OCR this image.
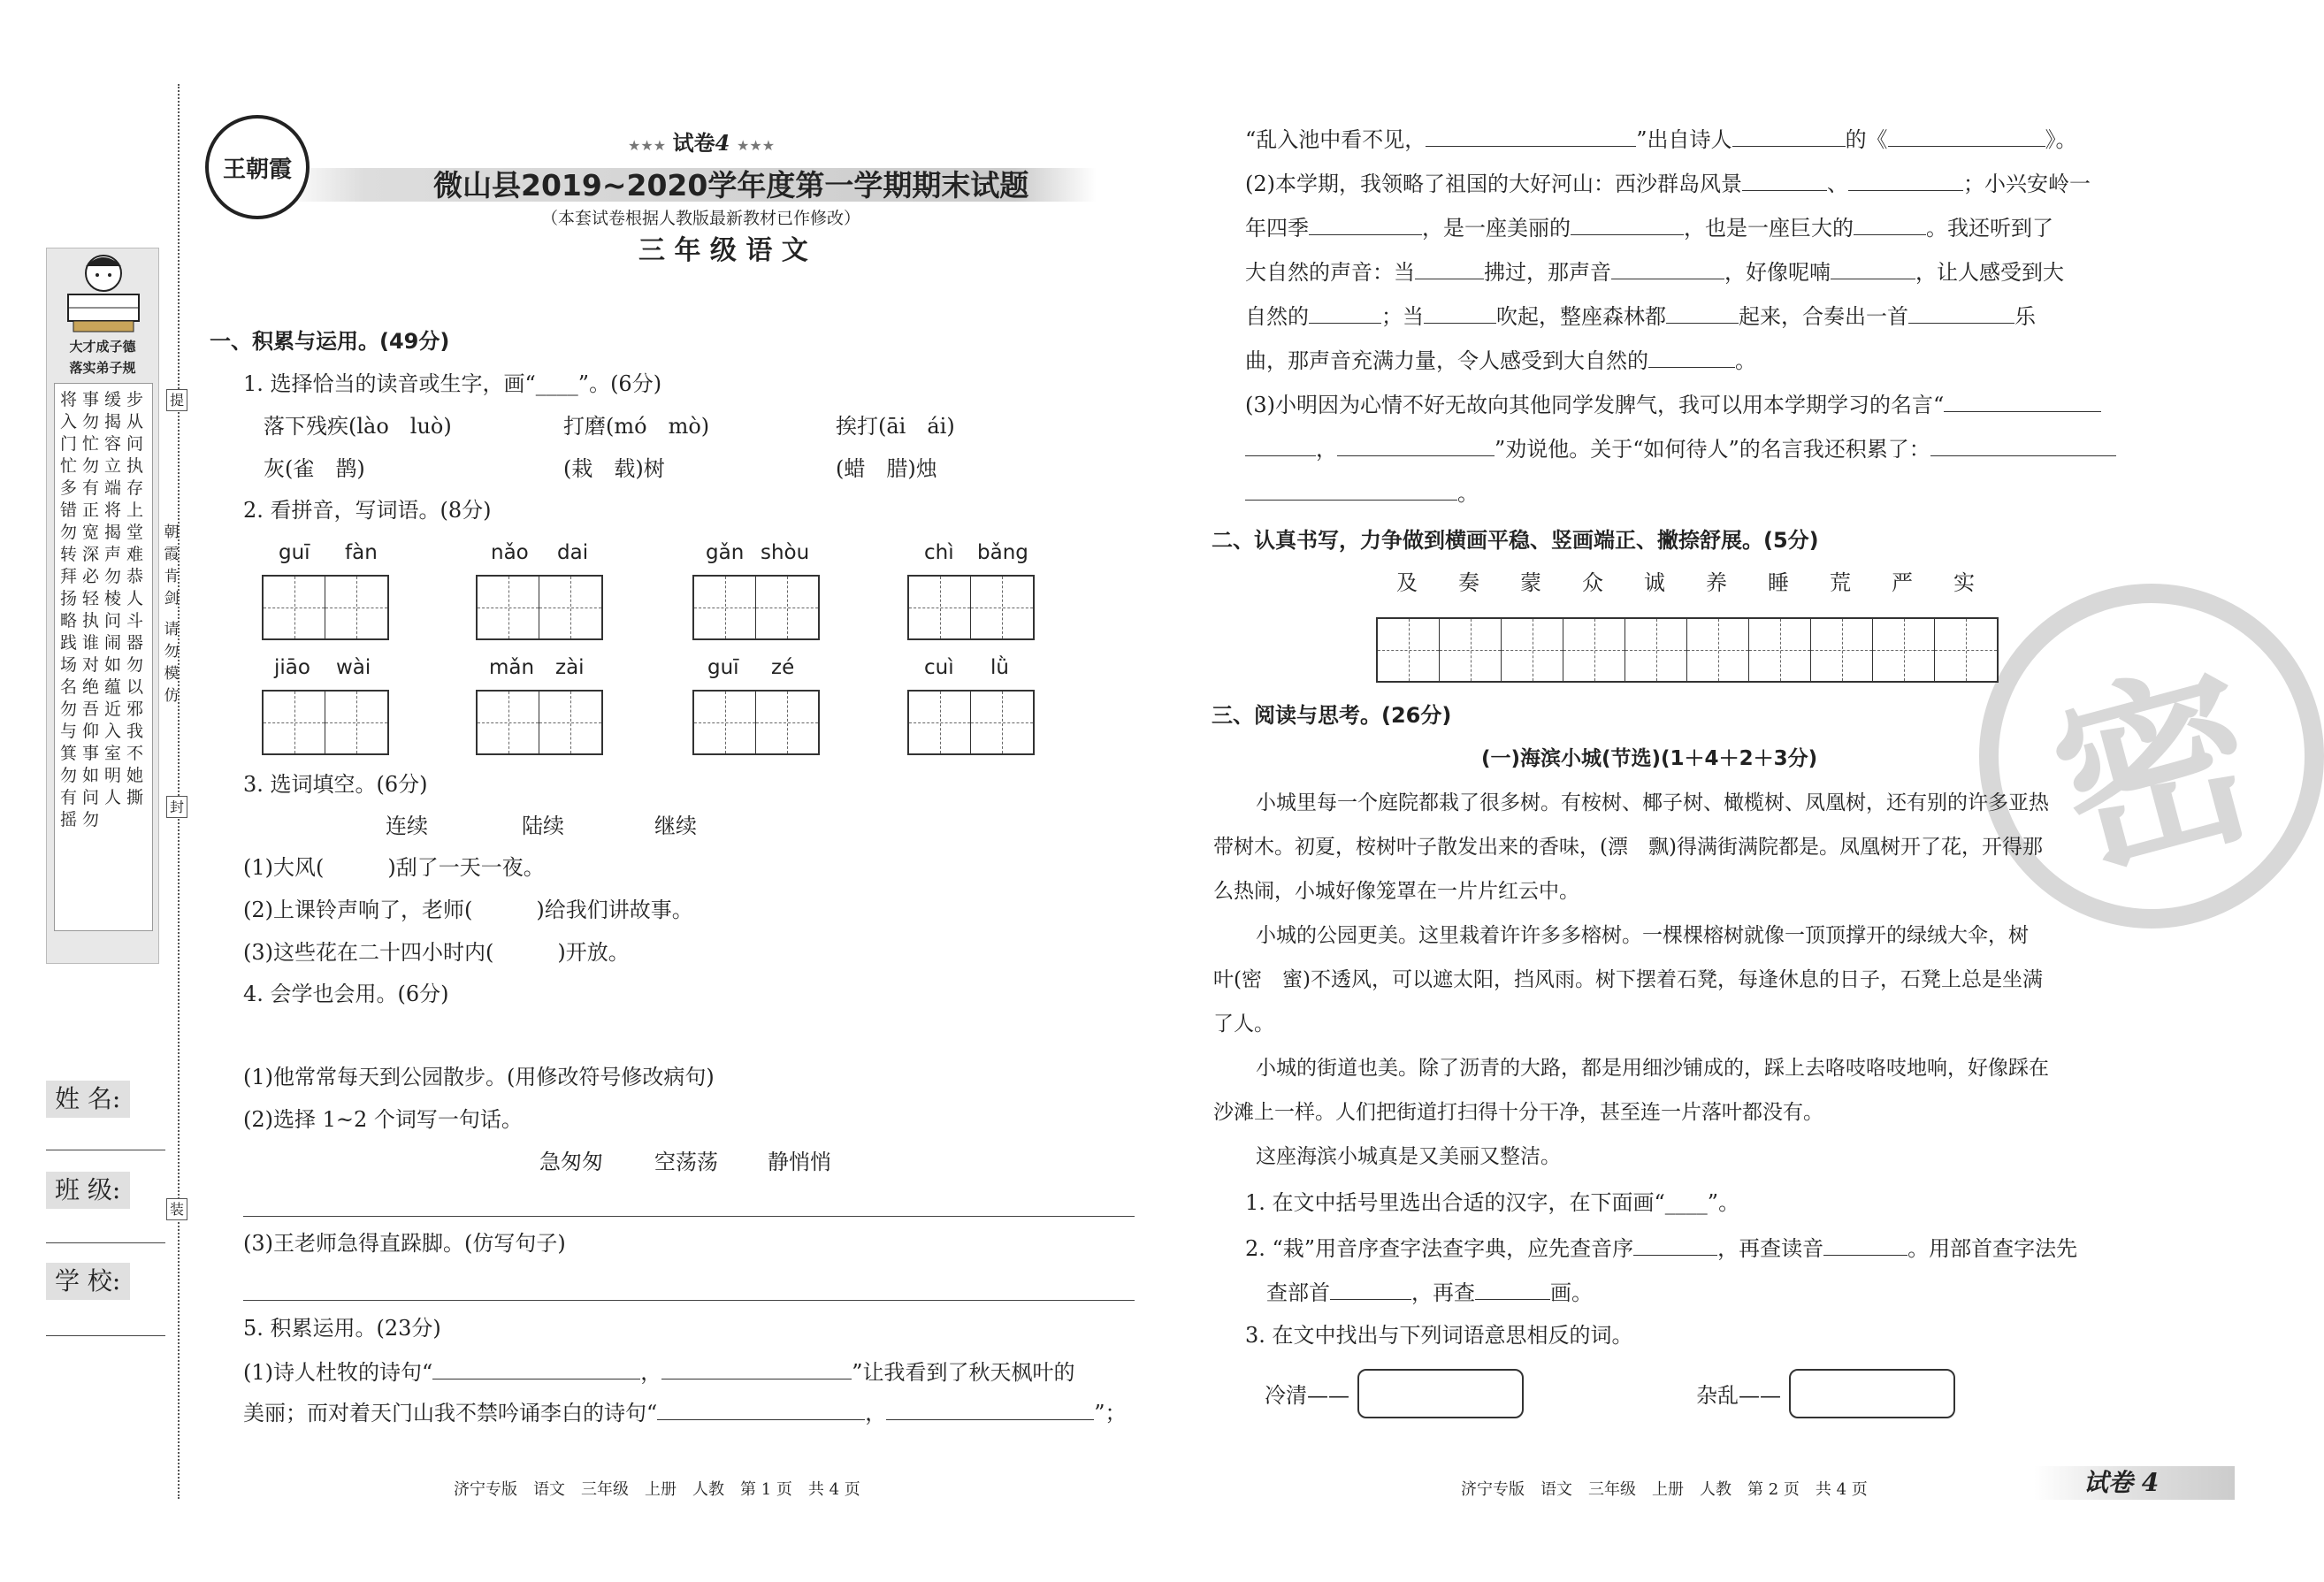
提
封
装
朝霞肯剑
请勿模仿
大才成子德
落实弟子规
将事缓步入勿揭从门忙容问忙勿立执多有端存错正将上勿宽揭堂转深声难拜必勿恭扬轻棱人略执问斗践谁闹器场对如勿名绝蕴以勿吾近邪与仰入我箕事室不勿如明她有问人撕摇勿
姓 名:
班 级:
学 校:
王朝霞
★★★ 试卷4 ★★★
微山县2019~2020学年度第一学期期末试题
（本套试卷根据人教版最新教材已作修改）
三 年 级 语 文
一、积累与运用。(49分)
1. 选择恰当的读音或生字，画“____”。(6分)
落下残疾(lào　luò)	打磨(mó　mò)	挨打(āi　ái)
灰(雀　鹊)	(栽　载)树	(蜡　腊)烛
2. 看拼音，写词语。(8分)
guī fàn	nǎo dai	gǎn shòu	chì bǎng
jiāo wài	mǎn zài	guī zé	cuì lǜ
3. 选词填空。(6分)
连续	陆续	继续
(1)大风(　　　)刮了一天一夜。
(2)上课铃声响了，老师(　　　)给我们讲故事。
(3)这些花在二十四小时内(　　　)开放。
4. 会学也会用。(6分)
(1)他常常每天到公园散步。(用修改符号修改病句)
(2)选择 1~2 个词写一句话。
急匆匆 空荡荡 静悄悄
(3)王老师急得直跺脚。(仿写句子)
5. 积累运用。(23分)
(1)诗人杜牧的诗句“	，	”让我看到了秋天枫叶的
美丽；而对着天门山我不禁吟诵李白的诗句“	，	”；
济宁专版　语文　三年级　上册　人教　第 1 页　共 4 页
密
“乱入池中看不见，	”出自诗人	的《	》。
(2)本学期，我领略了祖国的大好河山：西沙群岛风景	、	；小兴安岭一
年四季	，是一座美丽的	，也是一座巨大的	。我还听到了
大自然的声音：当	拂过，那声音	，好像呢喃	，让人感受到大
自然的	；当	吹起，整座森林都	起来，合奏出一首	乐
曲，那声音充满力量，令人感受到大自然的	。
(3)小明因为心情不好无故向其他同学发脾气，我可以用本学期学习的名言“
，	”劝说他。关于“如何待人”的名言我还积累了：
。
二、认真书写，力争做到横画平稳、竖画端正、撇捺舒展。(5分)
及	奏	蒙	众	诚	养	睡	荒	严	实
三、阅读与思考。(26分)
(一)海滨小城(节选)(1＋4＋2＋3分)
小城里每一个庭院都栽了很多树。有桉树、椰子树、橄榄树、凤凰树，还有别的许多亚热
带树木。初夏，桉树叶子散发出来的香味，(漂　飘)得满街满院都是。凤凰树开了花，开得那
么热闹，小城好像笼罩在一片片红云中。
小城的公园更美。这里栽着许许多多榕树。一棵棵榕树就像一顶顶撑开的绿绒大伞，树
叶(密　蜜)不透风，可以遮太阳，挡风雨。树下摆着石凳，每逢休息的日子，石凳上总是坐满
了人。
小城的街道也美。除了沥青的大路，都是用细沙铺成的，踩上去咯吱咯吱地响，好像踩在
沙滩上一样。人们把街道打扫得十分干净，甚至连一片落叶都没有。
这座海滨小城真是又美丽又整洁。
1. 在文中括号里选出合适的汉字，在下面画“____”。
2. “栽”用音序查字法查字典，应先查音序	，再查读音	。用部首查字法先
查部首	，再查	画。
3. 在文中找出与下列词语意思相反的词。
冷清——	杂乱——
济宁专版　语文　三年级　上册　人教　第 2 页　共 4 页	试卷 4
